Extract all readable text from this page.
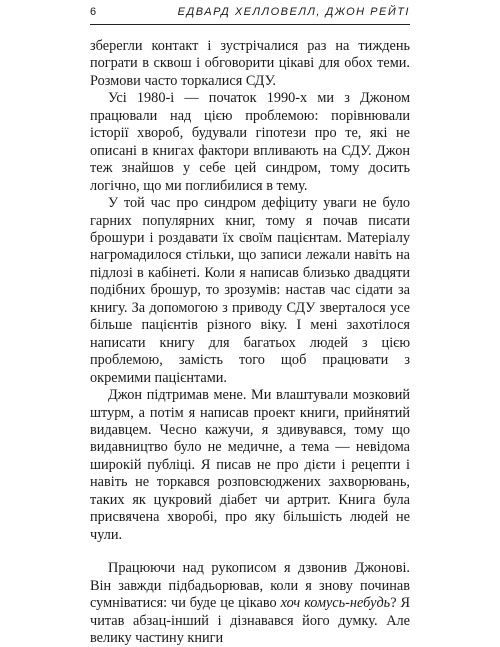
6	ЕДВАРД ХЕЛЛОВЕЛЛ, ДЖОН РЕЙТІ

зберегли контакт і зустрічалися раз на тиждень пограти в сквош і обговорити цікаві для обох теми. Розмови часто торкалися СДУ.

Усі 1980-і — початок 1990-х ми з Джоном працювали над цією проблемою: порівнювали історії хвороб, будували гіпотези про те, які не описані в книгах фактори впливають на СДУ. Джон теж знайшов у себе цей синдром, тому досить логічно, що ми поглибилися в тему.

У той час про синдром дефіциту уваги не було гарних популярних книг, тому я почав писати брошури і роздавати їх своїм пацієнтам. Матеріалу нагромадилося стільки, що записи лежали навіть на підлозі в кабінеті. Коли я написав близько двадцяти подібних брошур, то зрозумів: настав час сідати за книгу. За допомогою з приводу СДУ зверталося усе більше пацієнтів різного віку. І мені захотілося написати книгу для багатьох людей з цією проблемою, замість того щоб працювати з окремими пацієнтами.

Джон підтримав мене. Ми влаштували мозковий штурм, а потім я написав проект книги, прийнятий видавцем. Чесно кажучи, я здивувався, тому що видавництво було не медичне, а тема — невідома широкій публіці. Я писав не про дієти і рецепти і навіть не торкався розповсюджених захворювань, таких як цукровий діабет чи артрит. Книга була присвячена хворобі, про яку більшість людей не чули.

Працюючи над рукописом я дзвонив Джонові. Він завжди підбадьорював, коли я знову починав сумніватися: чи буде це цікаво хоч комусь-небудь? Я читав абзац-інший і дізнавався його думку. Але велику частину книги
